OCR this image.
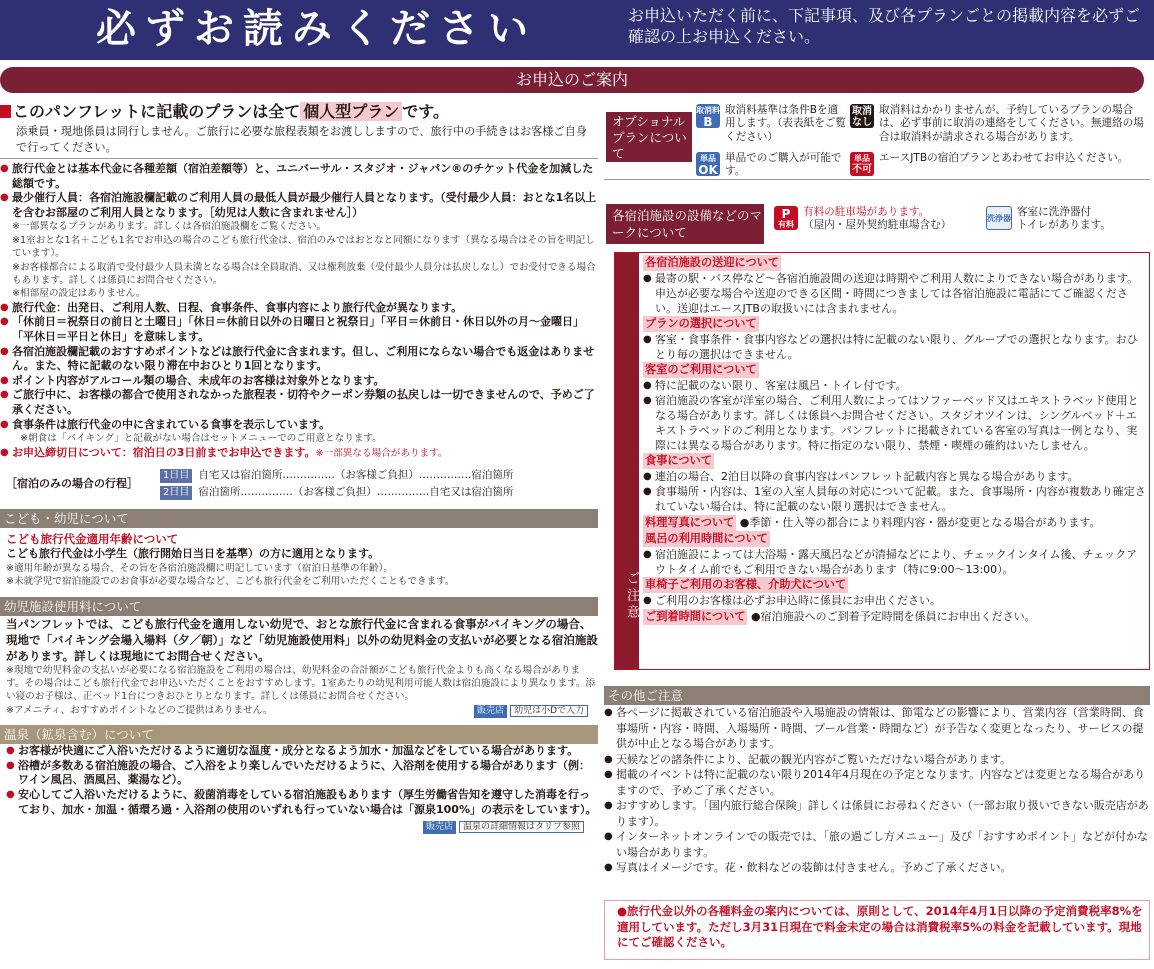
必ずお読みください	お申込いただく前に、下記事項、及び各プランごとの掲載内容を必ずご確認の上お申込ください。
お申込のご案内
このパンフレットに記載のプランは全て 個人型プラン です。
添乗員・現地係員は同行しません。ご旅行に必要な旅程表類をお渡ししますので、旅行中の手続きはお客様ご自身で行ってください。
● 旅行代金とは基本代金に各種差額（宿泊差額等）と、ユニバーサル・スタジオ・ジャパン®のチケット代金を加減した総額です。
● 最少催行人員：各宿泊施設欄記載のご利用人員の最低人員が最少催行人員となります。（受付最少人員：おとな1名以上を含むお部屋のご利用人員となります。［幼児は人数に含まれません］）
※一部異なるプランがあります。詳しくは各宿泊施設欄をご覧ください。
※1室おとな1名＋こども1名でお申込の場合のこども旅行代金は、宿泊のみではおとなと同額になります（異なる場合はその旨を明記しています）。
※お客様都合による取消で受付最少人員未満となる場合は全員取消、又は権利放棄（受付最少人員分は払戻しなし）でお受付できる場合もあります。詳しくは係員にお問合せください。
※相部屋の設定はありません。
● 旅行代金：出発日、ご利用人数、日程、食事条件、食事内容により旅行代金が異なります。
● 「休前日＝祝祭日の前日と土曜日」「休日＝休前日以外の日曜日と祝祭日」「平日＝休前日・休日以外の月～金曜日」「平休日＝平日と休日」を意味します。
● 各宿泊施設欄記載のおすすめポイントなどは旅行代金に含まれます。但し、ご利用にならない場合でも返金はありません。また、特に記載のない限り滞在中おひとり1回となります。
● ポイント内容がアルコール類の場合、未成年のお客様は対象外となります。
● ご旅行中に、お客様の都合で使用されなかった旅程表・切符やクーポン券類の払戻しは一切できませんので、予めご了承ください。
● 食事条件は旅行代金の中に含まれている食事を表示しています。
※朝食は「バイキング」と記載がない場合はセットメニューでのご用意となります。
● お申込締切日について：宿泊日の3日前までお申込できます。※一部異なる場合があります。
［宿泊のみの場合の行程］
1日目 自宅又は宿泊箇所……………（お客様ご負担）……………宿泊箇所
2日目 宿泊箇所……………（お客様ご負担）……………自宅又は宿泊箇所
こども・幼児について
こども旅行代金適用年齢について
こども旅行代金は小学生（旅行開始日当日を基準）の方に適用となります。
※適用年齢が異なる場合、その旨を各宿泊施設欄に明記しています（宿泊日基準の年齢）。
※未就学児で宿泊施設でのお食事が必要な場合など、こども旅行代金をご利用いただくこともできます。
幼児施設使用料について
当パンフレットでは、こども旅行代金を適用しない幼児で、おとな旅行代金に含まれる食事がバイキングの場合、現地で「バイキング会場入場料（夕／朝）」など「幼児施設使用料」以外の幼児料金の支払いが必要となる宿泊施設があります。詳しくは現地にてお問合せください。
※現地で幼児料金の支払いが必要になる宿泊施設をご利用の場合は、幼児料金の合計額がこども旅行代金よりも高くなる場合があります。その場合はこども旅行代金でお申込いただくことをおすすめします。1室あたりの幼児利用可能人数は宿泊施設により異なります。添い寝のお子様は、正ベッド1台につきおひとりとなります。詳しくは係員にお問合せください。
※アメニティ、おすすめポイントなどのご提供はありません。	販売店 幼児は小Dで入力
温泉（鉱泉含む）について
● お客様が快適にご入浴いただけるように適切な温度・成分となるよう加水・加温などをしている場合があります。
● 浴槽が多数ある宿泊施設の場合、ご入浴をより楽しんでいただけるように、入浴剤を使用する場合があります（例：ワイン風呂、酒風呂、薬湯など）。
● 安心してご入浴いただけるように、殺菌消毒をしている宿泊施設もあります（厚生労働省告知を遵守した消毒を行っており、加水・加温・循環ろ過・入浴剤の使用のいずれも行っていない場合は「源泉100%」の表示をしています）。
販売店 温泉の詳細情報はタリフ参照
オプショナルプランについて
取消料
B
取消料基準は条件Bを適用します。（表表紙をご覧ください）
取消なし
取消料はかかりませんが、予約しているプランの場合は、必ず事前に取消の連絡をしてください。無連絡の場合は取消料が請求される場合があります。
単品
OK
単品でのご購入が可能です。
単品
不可
エースJTBの宿泊プランとあわせてお申込ください。
各宿泊施設の設備などのマークについて
P
有料
有料の駐車場があります。
（屋内・屋外契約駐車場含む）
洗浄器
客室に洗浄器付
トイレがあります。
ご注意
各宿泊施設の送迎について
● 最寄の駅・バス停など～各宿泊施設間の送迎は時期やご利用人数によりできない場合があります。申込が必要な場合や送迎のできる区間・時間につきましては各宿泊施設に電話にてご確認ください。送迎はエースJTBの取扱いには含まれません。
プランの選択について
● 客室・食事条件・食事内容などの選択は特に記載のない限り、グループでの選択となります。おひとり毎の選択はできません。
客室のご利用について
● 特に記載のない限り、客室は風呂・トイレ付です。
● 宿泊施設の客室が洋室の場合、ご利用人数によってはソファーベッド又はエキストラベッド使用となる場合があります。詳しくは係員へお問合せください。スタジオツインは、シングルベッド＋エキストラベッドのご利用となります。パンフレットに掲載されている客室の写真は一例となり、実際には異なる場合があります。特に指定のない限り、禁煙・喫煙の確約はいたしません。
食事について
● 連泊の場合、2泊目以降の食事内容はパンフレット記載内容と異なる場合があります。
● 食事場所・内容は、1室の入室人員毎の対応について記載。また、食事場所・内容が複数あり確定されていない場合は、特に記載のない限り選択はできません。
料理写真について ●季節・仕入等の都合により料理内容・器が変更となる場合があります。
風呂の利用時間について
● 宿泊施設によっては大浴場・露天風呂などが清掃などにより、チェックインタイム後、チェックアウトタイム前でもご利用できない場合があります（特に9:00～13:00）。
車椅子ご利用のお客様、介助犬について
● ご利用のお客様は必ずお申込時に係員にお申出ください。
ご到着時間について ●宿泊施設へのご到着予定時間を係員にお申出ください。
その他ご注意
● 各ページに掲載されている宿泊施設や入場施設の情報は、節電などの影響により、営業内容（営業時間、食事場所・内容・時間、入場場所・時間、プール営業・時間など）が予告なく変更となったり、サービスの提供が中止となる場合があります。
● 天候などの諸条件により、記載の観光内容がご覧いただけない場合があります。
● 掲載のイベントは特に記載のない限り2014年4月現在の予定となります。内容などは変更となる場合がありますので、予めご了承ください。
● おすすめします。「国内旅行総合保険」詳しくは係員にお尋ねください（一部お取り扱いできない販売店があります）。
● インターネットオンラインでの販売では、「旅の過ごし方メニュー」及び「おすすめポイント」などが付かない場合があります。
● 写真はイメージです。花・飲料などの装飾は付きません。予めご了承ください。
●旅行代金以外の各種料金の案内については、原則として、2014年4月1日以降の予定消費税率8%を適用しています。ただし3月31日現在で料金未定の場合は消費税率5%の料金を記載しています。現地にてご確認ください。
